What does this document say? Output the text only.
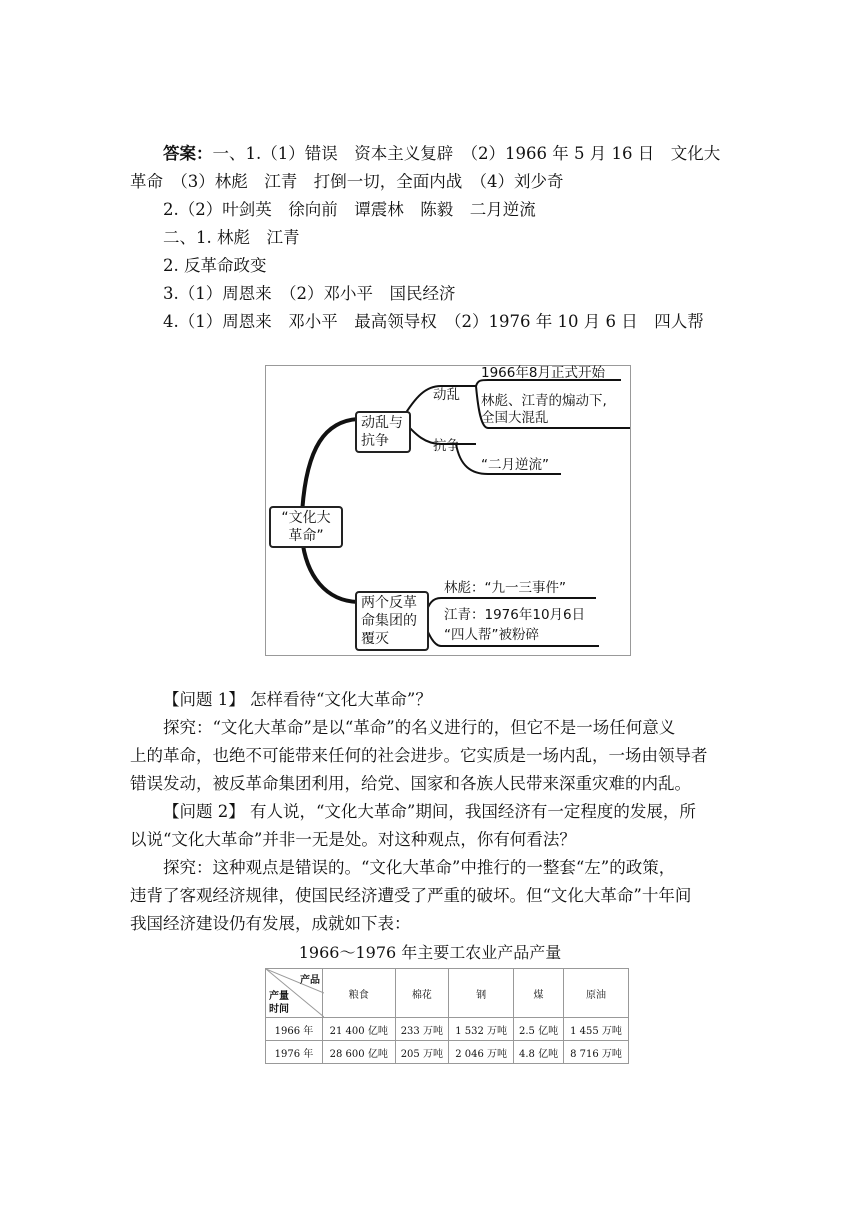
答案：一、1.（1）错误　资本主义复辟　（2）1966 年 5 月 16 日　文化大
革命　（3）林彪　江青　打倒一切，全面内战　（4）刘少奇
2.（2）叶剑英　徐向前　谭震林　陈毅　二月逆流
二、1. 林彪　江青
2. 反革命政变
3.（1）周恩来　（2）邓小平　国民经济
4.（1）周恩来　邓小平　最高领导权　（2）1976 年 10 月 6 日　四人帮
“文化大
革命”
动乱与
抗争
两个反革
命集团的
覆灭
动乱
抗争
1966年8月正式开始
林彪、江青的煽动下,
全国大混乱
“二月逆流”
林彪：“九一三事件”
江青：1976年10月6日
“四人帮”被粉碎
【问题 1】 怎样看待“文化大革命”？
探究：“文化大革命”是以“革命”的名义进行的，但它不是一场任何意义
上的革命，也绝不可能带来任何的社会进步。它实质是一场内乱，一场由领导者
错误发动，被反革命集团利用，给党、国家和各族人民带来深重灾难的内乱。
【问题 2】 有人说，“文化大革命”期间，我国经济有一定程度的发展，所
以说“文化大革命”并非一无是处。对这种观点，你有何看法？
探究：这种观点是错误的。“文化大革命”中推行的一整套“左”的政策，
违背了客观经济规律，使国民经济遭受了严重的破坏。但“文化大革命”十年间
我国经济建设仍有发展，成就如下表：
1966～1976 年主要工农业产品产量
产品
产量
时间	粮食	棉花	钢	煤	原油
1966 年	21 400 亿吨	233 万吨	1 532 万吨	2.5 亿吨	1 455 万吨
1976 年	28 600 亿吨	205 万吨	2 046 万吨	4.8 亿吨	8 716 万吨
